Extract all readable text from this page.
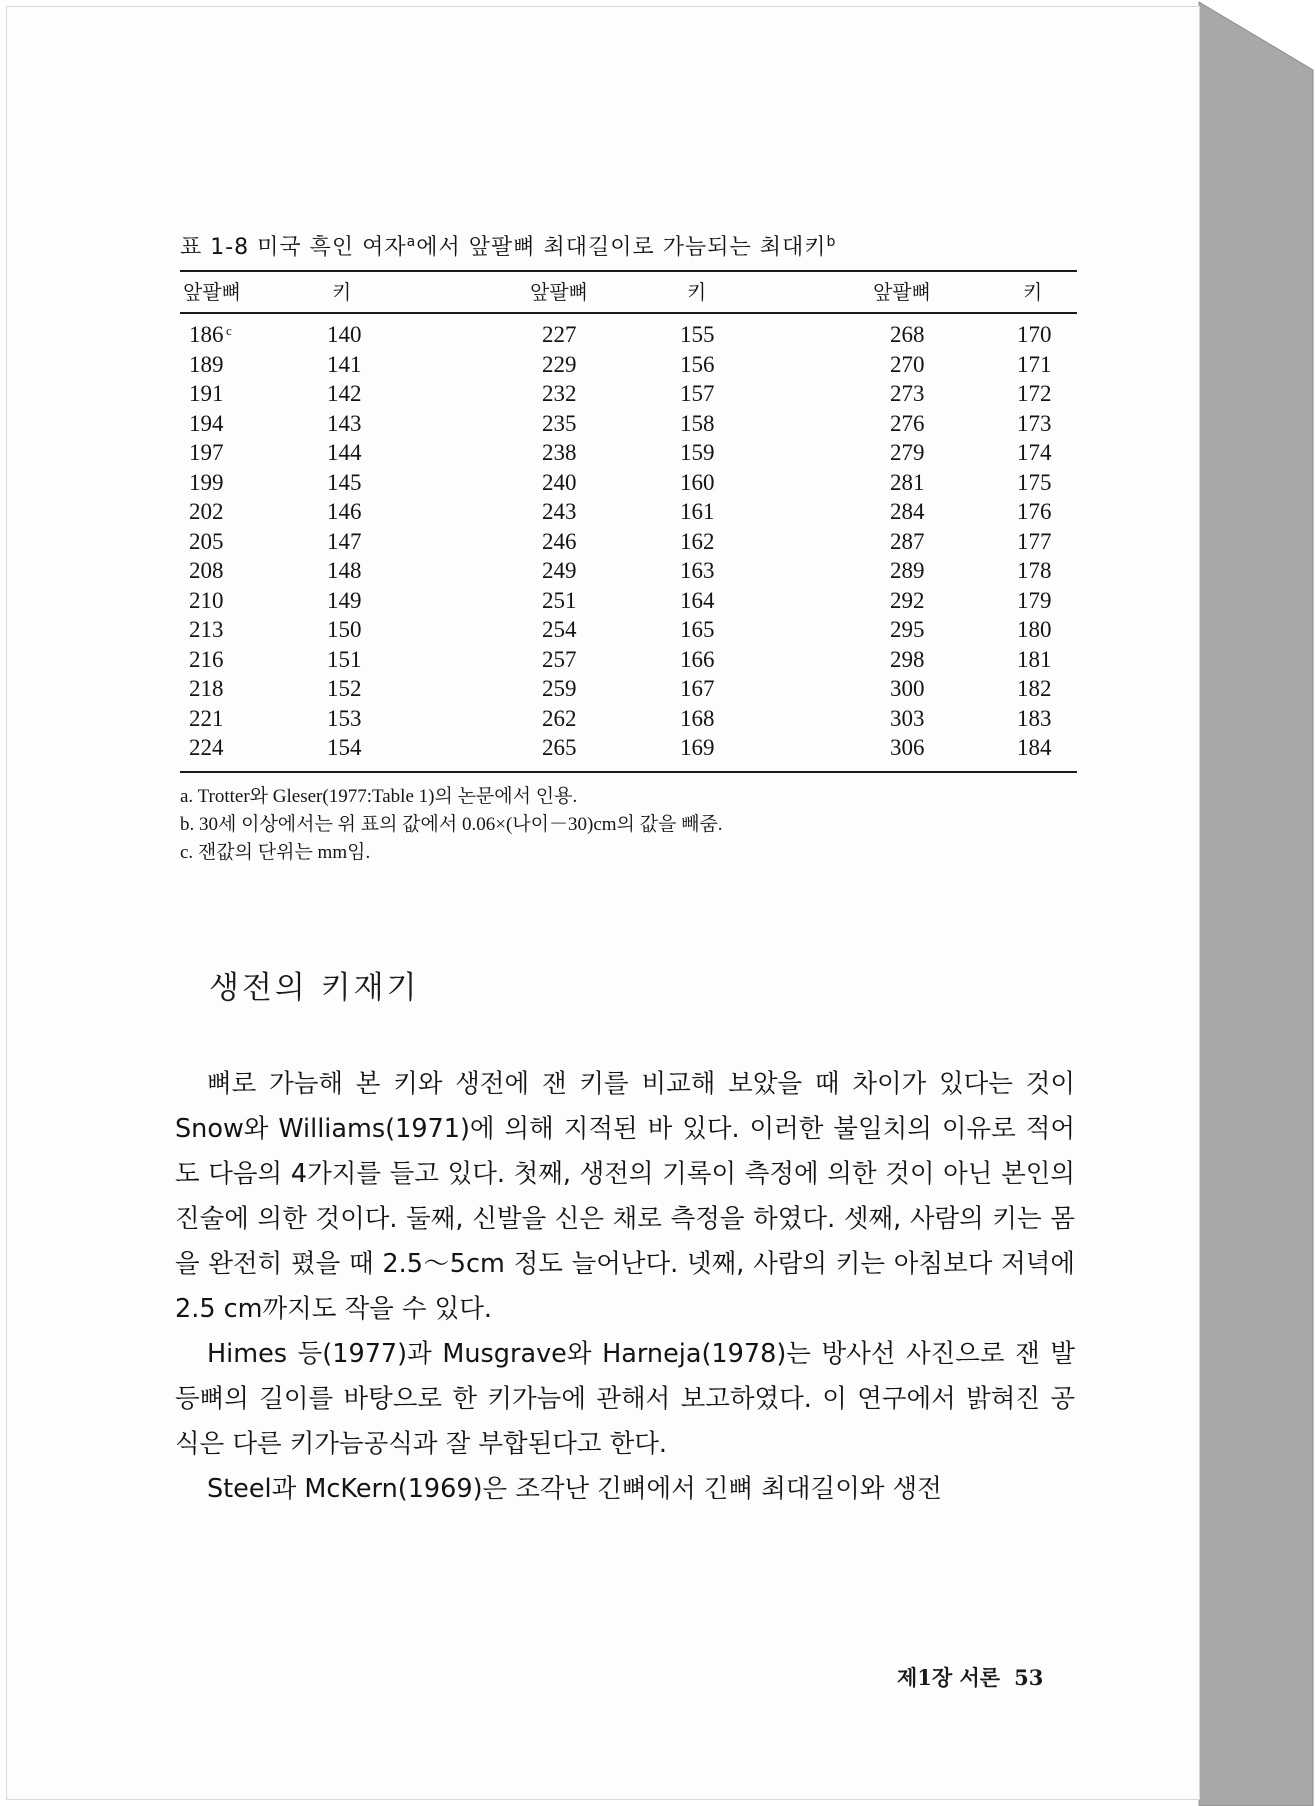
표 1-8 미국 흑인 여자$^a$에서 앞팔뼈 최대길이로 가늠되는 최대키$^b$
앞팔뼈	키	앞팔뼈	키	앞팔뼈	키
186 c	140	227	155	268	170
189	141	229	156	270	171
191	142	232	157	273	172
194	143	235	158	276	173
197	144	238	159	279	174
199	145	240	160	281	175
202	146	243	161	284	176
205	147	246	162	287	177
208	148	249	163	289	178
210	149	251	164	292	179
213	150	254	165	295	180
216	151	257	166	298	181
218	152	259	167	300	182
221	153	262	168	303	183
224	154	265	169	306	184
a. Trotter와 Gleser(1977:Table 1)의 논문에서 인용.
b. 30세 이상에서는 위 표의 값에서 0.06×(나이－30)cm의 값을 빼줌.
c. 잰값의 단위는 mm임.
생전의 키재기

뼈로 가늠해 본 키와 생전에 잰 키를 비교해 보았을 때 차이가 있다는 것이 Snow와 Williams(1971)에 의해 지적된 바 있다. 이러한 불일치의 이유로 적어도 다음의 4가지를 들고 있다. 첫째, 생전의 기록이 측정에 의한 것이 아닌 본인의 진술에 의한 것이다. 둘째, 신발을 신은 채로 측정을 하였다. 셋째, 사람의 키는 몸을 완전히 폈을 때 2.5～5cm 정도 늘어난다. 넷째, 사람의 키는 아침보다 저녁에 2.5 cm까지도 작을 수 있다.

Himes 등(1977)과 Musgrave와 Harneja(1978)는 방사선 사진으로 잰 발등뼈의 길이를 바탕으로 한 키가늠에 관해서 보고하였다. 이 연구에서 밝혀진 공식은 다른 키가늠공식과 잘 부합된다고 한다.

Steel과 McKern(1969)은 조각난 긴뼈에서 긴뼈 최대길이와 생전

제1장 서론 53
